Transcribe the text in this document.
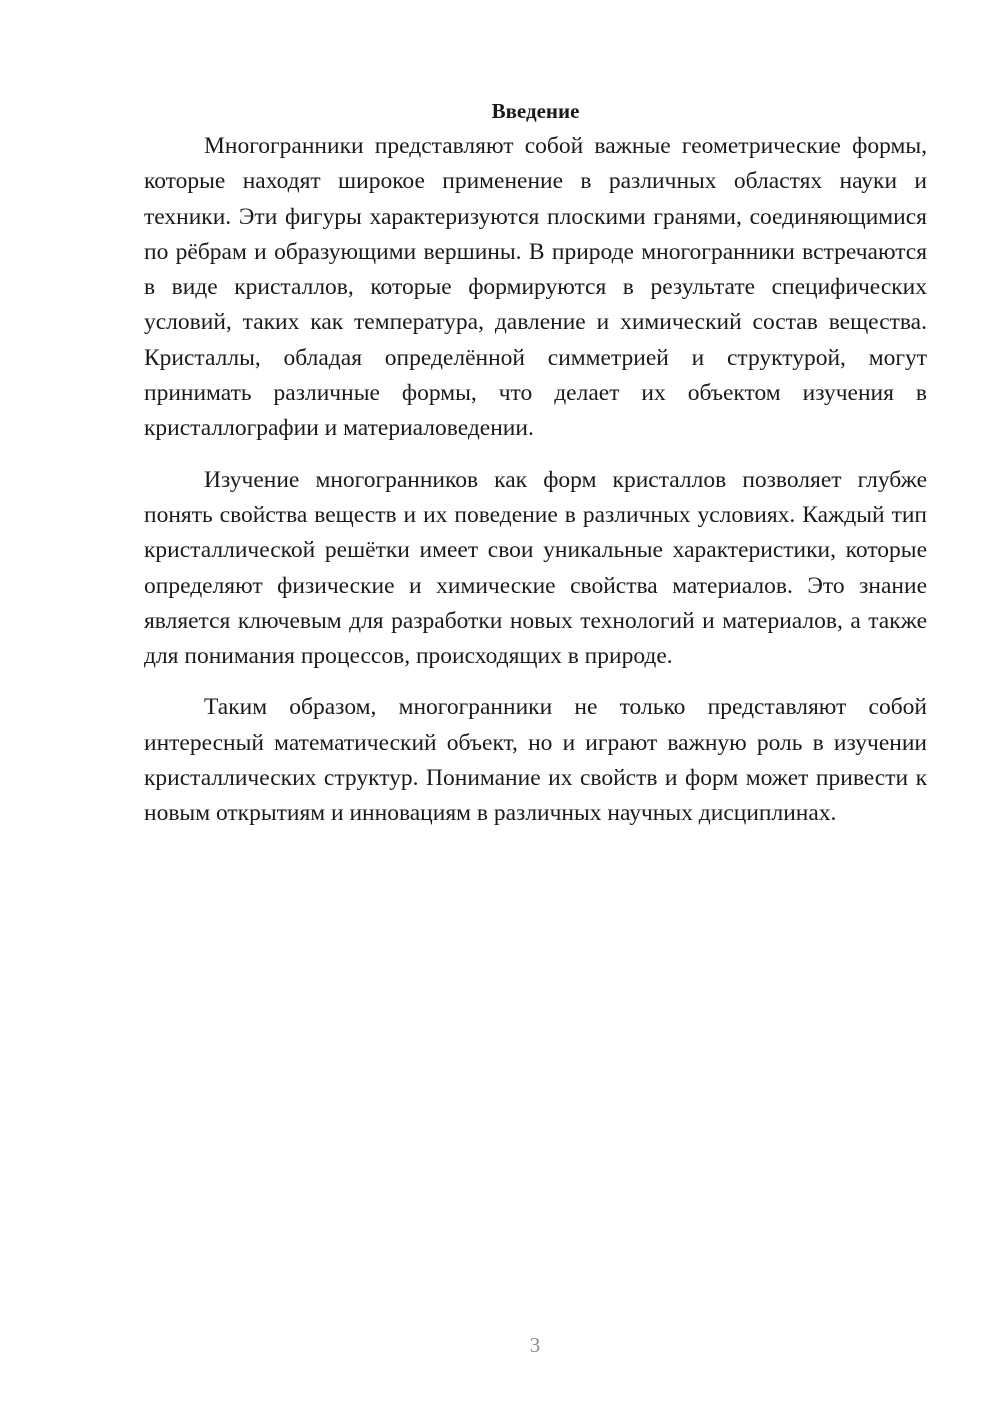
Введение

Многогранники представляют собой важные геометрические формы, которые находят широкое применение в различных областях науки и техники. Эти фигуры характеризуются плоскими гранями, соединяющимися по рёбрам и образующими вершины. В природе многогранники встречаются в виде кристаллов, которые формируются в результате специфических условий, таких как температура, давление и химический состав вещества. Кристаллы, обладая определённой симметрией и структурой, могут принимать различные формы, что делает их объектом изучения в кристаллографии и материаловедении.

Изучение многогранников как форм кристаллов позволяет глубже понять свойства веществ и их поведение в различных условиях. Каждый тип кристаллической решётки имеет свои уникальные характеристики, которые определяют физические и химические свойства материалов. Это знание является ключевым для разработки новых технологий и материалов, а также для понимания процессов, происходящих в природе.

Таким образом, многогранники не только представляют собой интересный математический объект, но и играют важную роль в изучении кристаллических структур. Понимание их свойств и форм может привести к новым открытиям и инновациям в различных научных дисциплинах.

3
